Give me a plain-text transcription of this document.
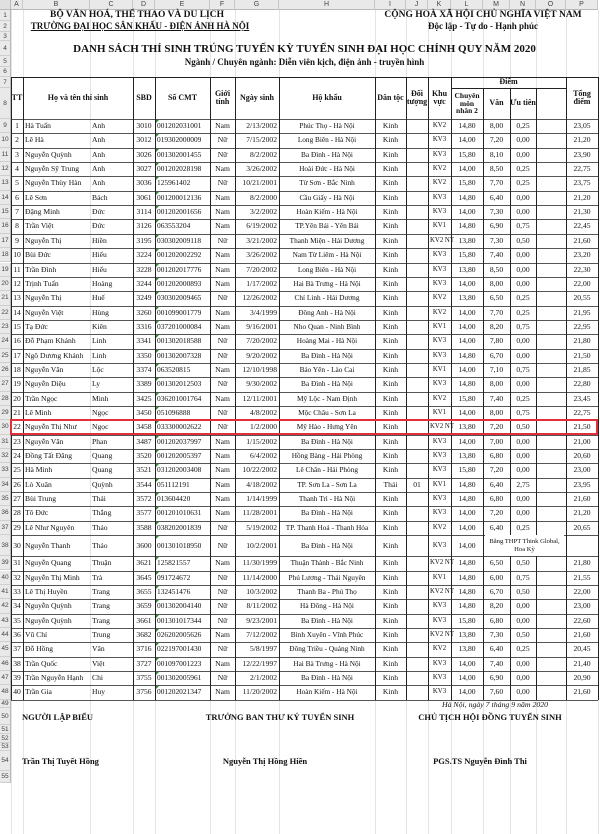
A	B	C	D	E	F	G	H	I	J	K	L	M	N	O	P
1
2
3
4
5
6
7
8
9
10
11
12
13
14
15
16
17
18
19
20
21
22
23
24
25
26
27
28
29
30
31
32
33
34
35
36
37
38
39
40
41
42
43
44
45
46
47
48
49
50
51
52
53
54
55
BỘ VĂN HOÁ, THỂ THAO VÀ DU LỊCH
TRƯỜNG ĐẠI HỌC SÂN KHẤU - ĐIỆN ẢNH HÀ NỘI
CỘNG HOÀ XÃ HỘI CHỦ NGHĨA VIỆT NAM
Độc lập - Tự do - Hạnh phúc
DANH SÁCH THÍ SINH TRÚNG TUYỂN KỲ TUYỂN SINH ĐẠI HỌC CHÍNH QUY NĂM 2020
Ngành / Chuyên ngành: Diễn viên kịch, điện ảnh - truyền hình
TT	Họ và tên thí sinh	SBD	Số CMT	Giới tính	Ngày sinh	Hộ khẩu	Dân tộc Đối tượng
Khu vực
Điểm
Chuyên môn nhân 2
Văn Ưu tiên
Tổng điểm
1 Hà Tuấn	Anh	3010 001202031001	Nam	2/13/2002	Phúc Thọ - Hà Nội	Kinh	KV2	14,80	8,00	0,25	23,05
2 Lê Hà	Anh	3012 019302000009	Nữ	7/15/2002	Long Biên - Hà Nội	Kinh	KV3	14,00	7,20	0,00	21,20
3 Nguyễn Quỳnh	Anh	3026 001302001455	Nữ	8/2/2002	Ba Đình - Hà Nội	Kinh	KV3	15,80	8,10	0,00	23,90
4 Nguyễn Sỹ Trung	Anh	3027 001202028198	Nam	3/26/2002	Hoài Đức - Hà Nội	Kinh	KV2	14,00	8,50	0,25	22,75
5 Nguyễn Thùy Hàn	Anh	3036 125961402	Nữ	10/21/2001	Từ Sơn - Bắc Ninh	Kinh	KV2	15,80	7,70	0,25	23,75
6 Lê Sơn	Bách	3061 001200012136	Nam	8/2/2000	Cầu Giấy - Hà Nội	Kinh	KV3	14,80	6,40	0,00	21,20
7 Đặng Minh	Đức	3114 001202001656	Nam	3/2/2002	Hoàn Kiếm - Hà Nội	Kinh	KV3	14,00	7,30	0,00	21,30
8 Trần Việt	Đức	3126 063553204	Nam	6/19/2002	TP.Yên Bái - Yên Bái	Kinh	KV1	14,80	6,90	0,75	22,45
9 Nguyễn Thị	Hiền	3195 030302009118	Nữ	3/21/2002	Thanh Miện - Hải Dương	Kinh	KV2 NT 13,80	7,30	0,50	21,60
10 Bùi Đức	Hiếu	3224 001202002292	Nam	3/26/2002	Nam Từ Liêm - Hà Nội	Kinh	KV3	15,80	7,40	0,00	23,20
11 Trần Đình	Hiếu	3228 001202017776	Nam	7/20/2002	Long Biên - Hà Nội	Kinh	KV3	13,80	8,50	0,00	22,30
12 Trịnh Tuấn	Hoàng	3244 001202000893	Nam	1/17/2002	Hai Bà Trưng - Hà Nội	Kinh	KV3	14,00	8,00	0,00	22,00
13 Nguyễn Thị	Huế	3249 030302009465	Nữ	12/26/2002	Chí Linh - Hải Dương	Kinh	KV2	13,80	6,50	0,25	20,55
14 Nguyễn Việt	Hùng	3260 001099001779	Nam	3/4/1999	Đông Anh - Hà Nội	Kinh	KV2	14,00	7,70	0,25	21,95
15 Tạ Đức	Kiên	3316 037201000084	Nam	9/16/2001	Nho Quan - Ninh Bình	Kinh	KV1	14,00	8,20	0,75	22,95
16 Đỗ Phạm Khánh	Linh	3341 001302018588	Nữ	7/20/2002	Hoàng Mai - Hà Nội	Kinh	KV3	14,00	7,80	0,00	21,80
17 Ngô Dương Khánh	Linh	3350 001302007328	Nữ	9/20/2002	Ba Đình - Hà Nội	Kinh	KV3	14,80	6,70	0,00	21,50
18 Nguyễn Văn	Lộc	3374 063520815	Nam	12/10/1998	Bảo Yên - Lào Cai	Kinh	KV1	14,00	7,10	0,75	21,85
19 Nguyễn Diệu	Ly	3389 001302012503	Nữ	9/30/2002	Ba Đình - Hà Nội	Kinh	KV3	14,80	8,00	0,00	22,80
20 Trần Ngọc	Minh	3425 036201001764	Nam	12/11/2001	Mỹ Lộc - Nam Định	Kinh	KV2	15,80	7,40	0,25	23,45
21 Lê Minh	Ngọc	3450 051096888	Nữ	4/8/2002	Mộc Châu - Sơn La	Kinh	KV1	14,00	8,00	0,75	22,75
22 Nguyễn Thị Như	Ngọc	3458 033300002622	Nữ	1/2/2000	Mỹ Hào - Hưng Yên	Kinh	KV2 NT 13,80	7,20	0,50	21,50
23 Nguyễn Văn	Phan	3487 001202037997	Nam	1/15/2002	Ba Đình - Hà Nội	Kinh	KV3	14,00	7,00	0,00	21,00
24 Đồng Tất Đăng	Quang	3520 001202005397	Nam	6/4/2002	Hồng Bàng - Hải Phòng	Kinh	KV3	13,80	6,80	0,00	20,60
25 Hà Minh	Quang	3521 031202003408	Nam	10/22/2002	Lê Chân - Hải Phòng	Kinh	KV3	15,80	7,20	0,00	23,00
26 Lò Xuân	Quỳnh	3544 051112191	Nam	4/18/2002	TP. Sơn La - Sơn La	Thái	01	KV1	14,80	6,40	2,75	23,95
27 Bùi Trung	Thái	3572 013604420	Nam	1/14/1999	Thanh Trì - Hà Nội	Kinh	KV3	14,80	6,80	0,00	21,60
28 Tô Đức	Thắng	3577 001201010631	Nam	11/28/2001	Ba Đình - Hà Nội	Kinh	KV3	14,00	7,20	0,00	21,20
29 Lê Như Nguyên	Thảo	3588 038202001839	Nữ	5/19/2002	TP. Thanh Hoá - Thanh Hóa	Kinh	KV2	14,00	6,40	0,25	20,65
30 Nguyễn Thanh	Thảo	3600 001301018950	Nữ	10/2/2001	Ba Đình - Hà Nội	Kinh	KV3	14,00	Bằng THPT Think Global, Hoa Kỳ
31 Nguyễn Quang	Thuận	3621 125821557	Nam	11/30/1999	Thuận Thành - Bắc Ninh	Kinh	KV2 NT 14,80	6,50	0,50	21,80
32 Nguyễn Thị Minh	Trà	3645 091724672	Nữ	11/14/2000	Phú Lương - Thái Nguyên	Kinh	KV1	14,80	6,00	0,75	21,55
33 Lê Thị Huyền	Trang	3655 132451476	Nữ	10/3/2002	Thanh Ba - Phú Thọ	Kinh	KV2 NT 14,80	6,70	0,50	22,00
34 Nguyễn Quỳnh	Trang	3659 001302004140	Nữ	8/11/2002	Hà Đông - Hà Nội	Kinh	KV3	14,80	8,20	0,00	23,00
35 Nguyễn Quỳnh	Trang	3661 001301017344	Nữ	9/23/2001	Ba Đình - Hà Nội	Kinh	KV3	15,80	6,80	0,00	22,60
36 Vũ Chí	Trung	3682 026202005626	Nam	7/12/2002	Bình Xuyên - Vĩnh Phúc	Kinh	KV2 NT 13,80	7,30	0,50	21,60
37 Đỗ Hồng	Vân	3716 022197001430	Nữ	5/8/1997	Đông Triều - Quảng Ninh	Kinh	KV2	13,80	6,40	0,25	20,45
38 Trần Quốc	Việt	3727 001097001223	Nam	12/22/1997	Hai Bà Trưng - Hà Nội	Kinh	KV3	14,00	7,40	0,00	21,40
39 Trần Nguyễn Hạnh	Chi	3755 001302005961	Nữ	2/1/2002	Ba Đình - Hà Nội	Kinh	KV3	14,00	6,90	0,00	20,90
40 Trần Gia	Huy	3756 001202021347	Nam	11/20/2002	Hoàn Kiếm - Hà Nội	Kinh	KV3	14,00	7,60	0,00	21,60
Hà Nội, ngày 7 tháng 9 năm 2020
NGƯỜI LẬP BIỂU	TRƯỞNG BAN THƯ KÝ TUYỂN SINH	CHỦ TỊCH HỘI ĐỒNG TUYỂN SINH
Trần Thị Tuyết Hồng	Nguyễn Thị Hồng Hiền	PGS.TS Nguyễn Đình Thi
